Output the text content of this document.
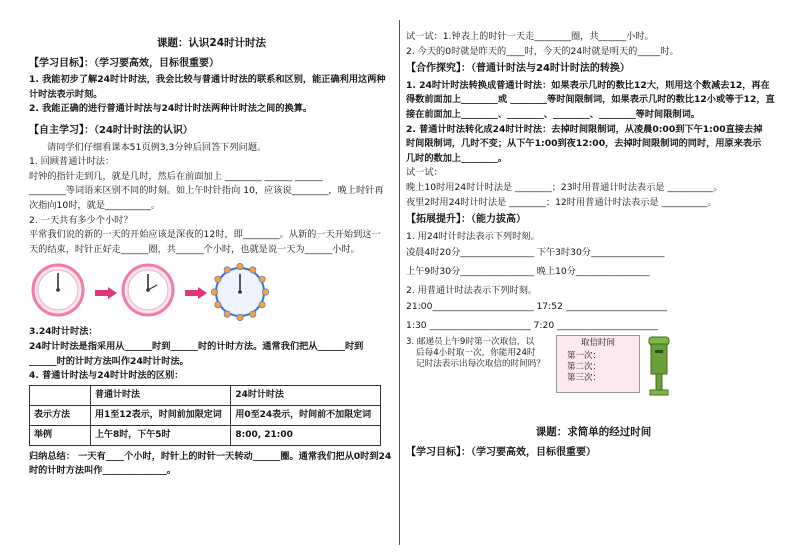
课题：认识24时计时法
【学习目标】：（学习要高效，目标很重要）

1. 我能初步了解24时计时法，我会比较与普通计时法的联系和区别，能正确利用这两种

计时法表示时刻。

2. 我能正确的进行普通计时法与24时计时法两种计时法之间的换算。

【自主学习】：（24时计时法的认识）

请同学们仔细看课本51页例3,3分钟后回答下列问题。

1. 回顾普通计时法：

时钟的指针走到几，就是几时，然后在前面加上 ________ ______ ______

________等词语来区别不同的时刻。如上午时针指向 10，应该说________，晚上时针再

次指向10时，就是__________。

2. 一天共有多少个小时？

平常我们说的新的一天的开始应该是深夜的12时，即________。从新的一天开始到这一

天的结束，时针正好走______圈，共______个小时，也就是说一天为______小时。

3.24时计时法：

24时计时法是指采用从______时到______时的计时方法。通常我们把从______时到

______时的计时方法叫作24时计时法。

4. 普通计时法与24时计时法的区别：

	普通计时法	24时计时法
表示方法	用1至12表示，时间前加限定词	用0至24表示，时间前不加限定词
举例	上午8时，下午5时	8:00, 21:00

归纳总结： 一天有____个小时，时针上的时针一天转动______圈。通常我们把从0时到24

时的计时方法叫作______________。

试一试：1.钟表上的时针一天走________圈，共______小时。

2. 今天的0时就是昨天的____时，今天的24时就是明天的_____时。

【合作探究】：（普通计时法与24时计时法的转换）

1. 24时计时法转换成普通计时法：如果表示几时的数比12大，则用这个数减去12，再在

得数前面加上________或 ________等时间限制词，如果表示几时的数比12小或等于12，直

接在前面加上________、________、________、________等时间限制词。

2. 普通计时法转化成24时计时法：去掉时间限制词，从凌晨0:00到下午1:00直接去掉

时间限制词，几时不变；从下午1:00到夜12:00，去掉时间限制词的同时，用原来表示

几时的数加上________。

试一试：

晚上10时用24时计时法是 ________；23时用普通计时法表示是 __________。

夜里2时用24时计时法是 ________；12时用普通计时法表示是 __________。

【拓展提升】：（能力拔高）

1. 用24时计时法表示下列时刻。

凌晨4时20分________________ 下午3时30分________________

上午9时30分________________ 晚上10分________________

2. 用普通计时法表示下列时刻。

21:00______________________ 17:52 ______________________

1:30 ______________________ 7:20 ______________________

3. 邮递员上午9时第一次取信，以

后每4小时取一次，你能用24时

记时法表示出每次取信的时间吗？

取信时间
第一次：
第二次：
第三次：
课题：求简单的经过时间
【学习目标】：（学习要高效，目标很重要）
